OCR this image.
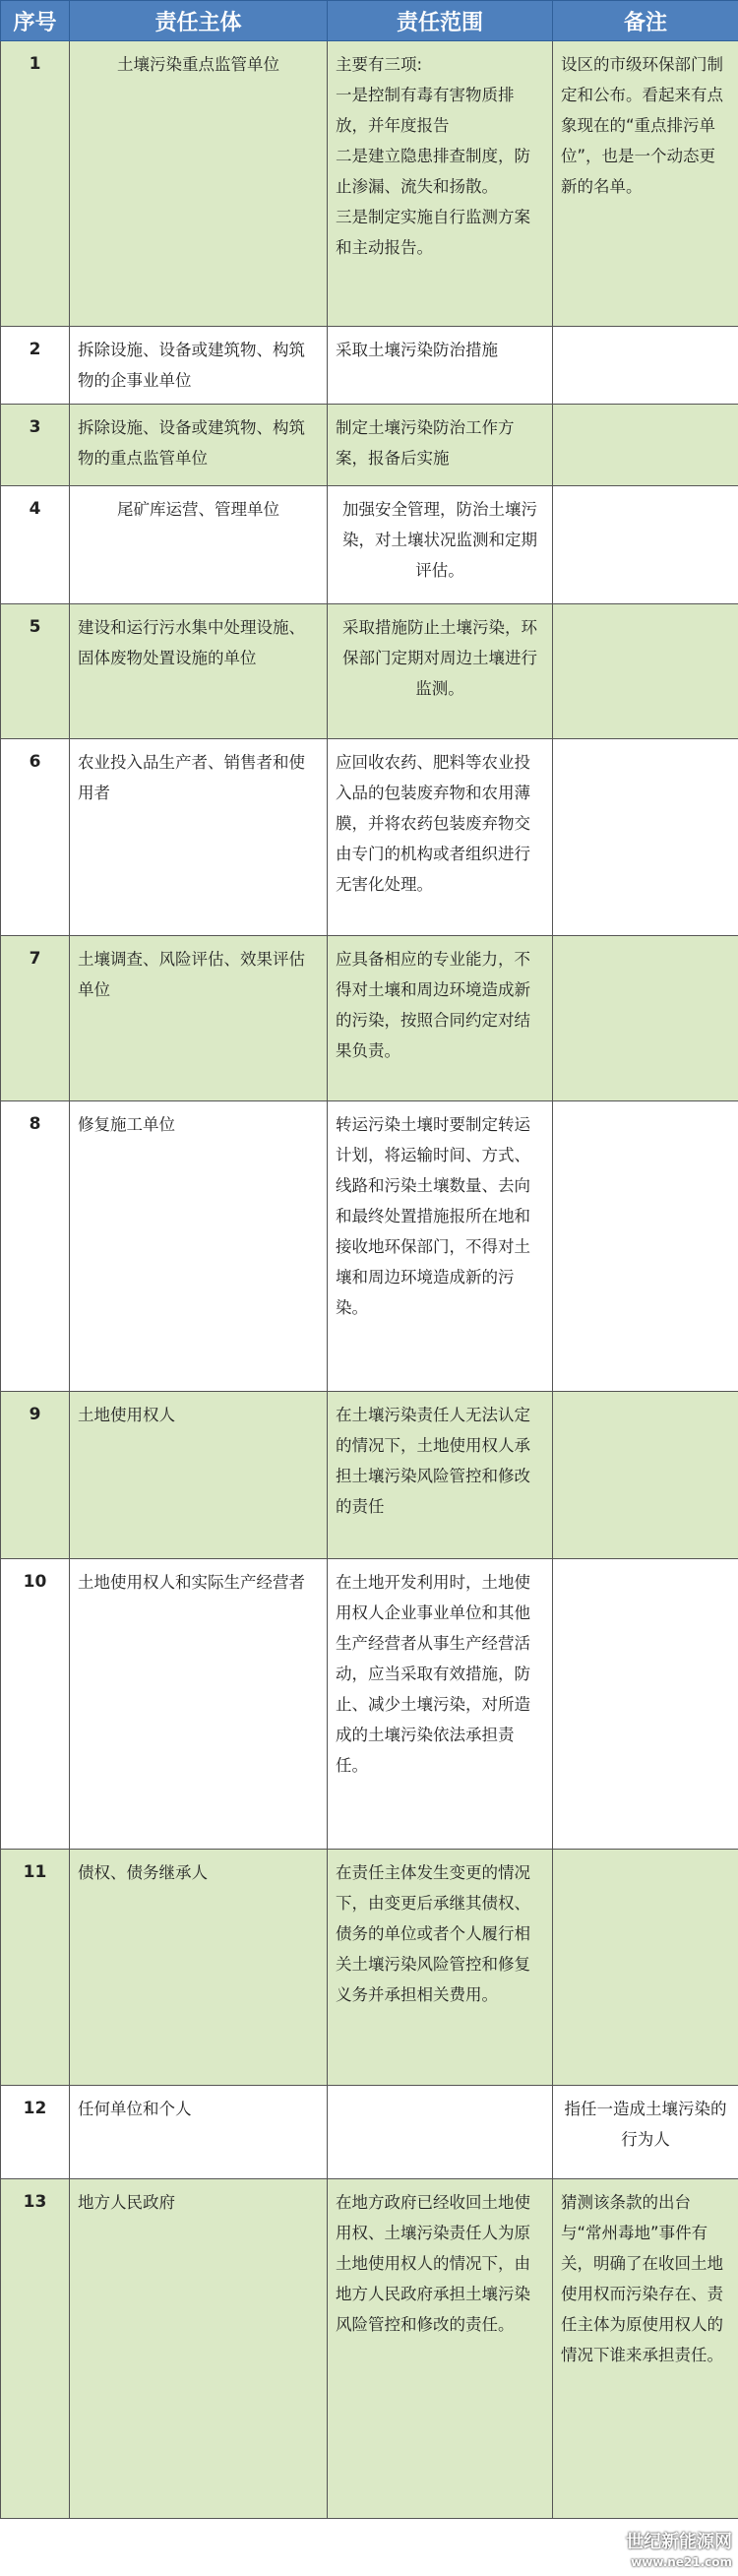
序号	责任主体	责任范围	备注
1	土壤污染重点监管单位	主要有三项:
一是控制有毒有害物质排放，并年度报告
二是建立隐患排查制度，防止渗漏、流失和扬散。
三是制定实施自行监测方案和主动报告。	设区的市级环保部门制定和公布。看起来有点象现在的“重点排污单位”，也是一个动态更新的名单。
2	拆除设施、设备或建筑物、构筑物的企事业单位	采取土壤污染防治措施	
3	拆除设施、设备或建筑物、构筑物的重点监管单位	制定土壤污染防治工作方案，报备后实施	
4	尾矿库运营、管理单位	加强安全管理，防治土壤污染，对土壤状况监测和定期评估。	
5	建设和运行污水集中处理设施、固体废物处置设施的单位	采取措施防止土壤污染，环保部门定期对周边土壤进行监测。	
6	农业投入品生产者、销售者和使用者	应回收农药、肥料等农业投入品的包装废弃物和农用薄膜，并将农药包装废弃物交由专门的机构或者组织进行无害化处理。	
7	土壤调查、风险评估、效果评估单位	应具备相应的专业能力，不得对土壤和周边环境造成新的污染，按照合同约定对结果负责。	
8	修复施工单位	转运污染土壤时要制定转运计划，将运输时间、方式、线路和污染土壤数量、去向和最终处置措施报所在地和接收地环保部门，不得对土壤和周边环境造成新的污染。	
9	土地使用权人	在土壤污染责任人无法认定的情况下，土地使用权人承担土壤污染风险管控和修改的责任	
10	土地使用权人和实际生产经营者	在土地开发利用时，土地使用权人企业事业单位和其他生产经营者从事生产经营活动，应当采取有效措施，防止、减少土壤污染，对所造成的土壤污染依法承担责任。	
11	债权、债务继承人	在责任主体发生变更的情况下，由变更后承继其债权、债务的单位或者个人履行相关土壤污染风险管控和修复义务并承担相关费用。	
12	任何单位和个人		指任一造成土壤污染的行为人
13	地方人民政府	在地方政府已经收回土地使用权、土壤污染责任人为原土地使用权人的情况下，由地方人民政府承担土壤污染风险管控和修改的责任。	猜测该条款的出台与“常州毒地”事件有关，明确了在收回土地使用权而污染存在、责任主体为原使用权人的情况下谁来承担责任。
世纪新能源网
www.ne21.com
